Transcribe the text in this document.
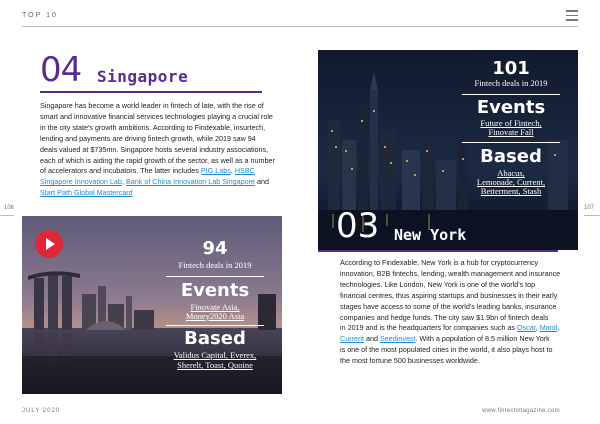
TOP 10
106	107
04 Singapore
Singapore has become a world leader in fintech of late, with the rise of
smart and innovative financial services technologies playing a crucial role
in the city state's growth ambitions. According to Findexable, insurtech,
lending and payments are driving fintech growth, while 2019 saw 94
deals valued at $735mn. Singapore hosts several industry associations,
each of which is aiding the rapid growth of the sector, as well as a number
of accelerators and incubators. The latter includes PIG Labs, HSBC
Singapore Innovation Lab, Bank of China Innovation Lab Singapore and
Start Path Global Mastercard
94
Fintech deals in 2019
Events
Finovate Asia,
Money2020 Asia
Based
Validus Capital, Everex,
Sherelt, Toast, Quoine
101
Fintech deals in 2019
Events
Future of Fintech,
Finovate Fall
Based
Abacus,
Lemonade, Current,
Betterment, Stash
03 New York
According to Findexable, New York is a hub for cryptocurrency
innovation, B2B fintechs, lending, wealth management and insurance
technologies. Like London, New York is one of the world's top
financial centres, thus aspiring startups and businesses in their early
stages have access to some of the world's leading banks, insurance
companies and hedge funds. The city saw $1.9bn of fintech deals
in 2019 and is the headquarters for companies such as Oscar, Mantl,
Currerit and Seedinvest. With a population of 8.5 million New York
is one of the most populated cities in the world, it also plays host to
the most fortune 500 businesses worldwide.
JULY 2020	www.fintechmagazine.com
